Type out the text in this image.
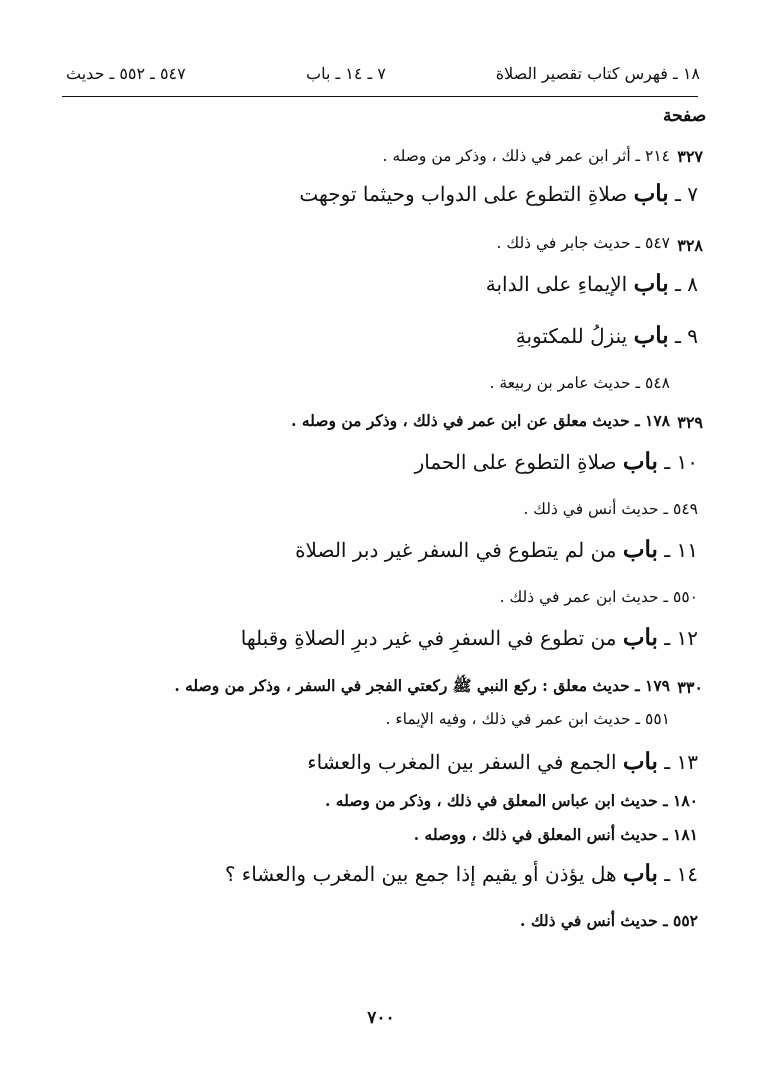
٥٤٧ ـ ٥٥٢ ـ حديث	٧ ـ ١٤ ـ باب	١٨ ـ فهرس كتاب تقصير الصلاة
صفحة
٣٢٧
٣٢٨
٣٢٩
٣٣٠
٢١٤ ـ أثر ابن عمر في ذلك ، وذكر من وصله .
٧ ـ باب صلاةِ التطوع على الدواب وحيثما توجهت
٥٤٧ ـ حديث جابر في ذلك .
٨ ـ باب الإيماءِ على الدابة
٩ ـ باب ينزلُ للمكتوبةِ
٥٤٨ ـ حديث عامر بن ربيعة .
١٧٨ ـ حديث معلق عن ابن عمر في ذلك ، وذكر من وصله .
١٠ ـ باب صلاةِ التطوع على الحمار
٥٤٩ ـ حديث أنس في ذلك .
١١ ـ باب من لم يتطوع في السفر غير دبر الصلاة
٥٥٠ ـ حديث ابن عمر في ذلك .
١٢ ـ باب من تطوع في السفرِ في غير دبرِ الصلاةِ وقبلها
١٧٩ ـ حديث معلق : ركع النبي ﷺ ركعتي الفجر في السفر ، وذكر من وصله .
٥٥١ ـ حديث ابن عمر في ذلك ، وفيه الإيماء .
١٣ ـ باب الجمع في السفر بين المغرب والعشاء
١٨٠ ـ حديث ابن عباس المعلق في ذلك ، وذكر من وصله .
١٨١ ـ حديث أنس المعلق في ذلك ، ووصله .
١٤ ـ باب هل يؤذن أو يقيم إذا جمع بين المغرب والعشاء ؟
٥٥٢ ـ حديث أنس في ذلك .
٧٠٠
